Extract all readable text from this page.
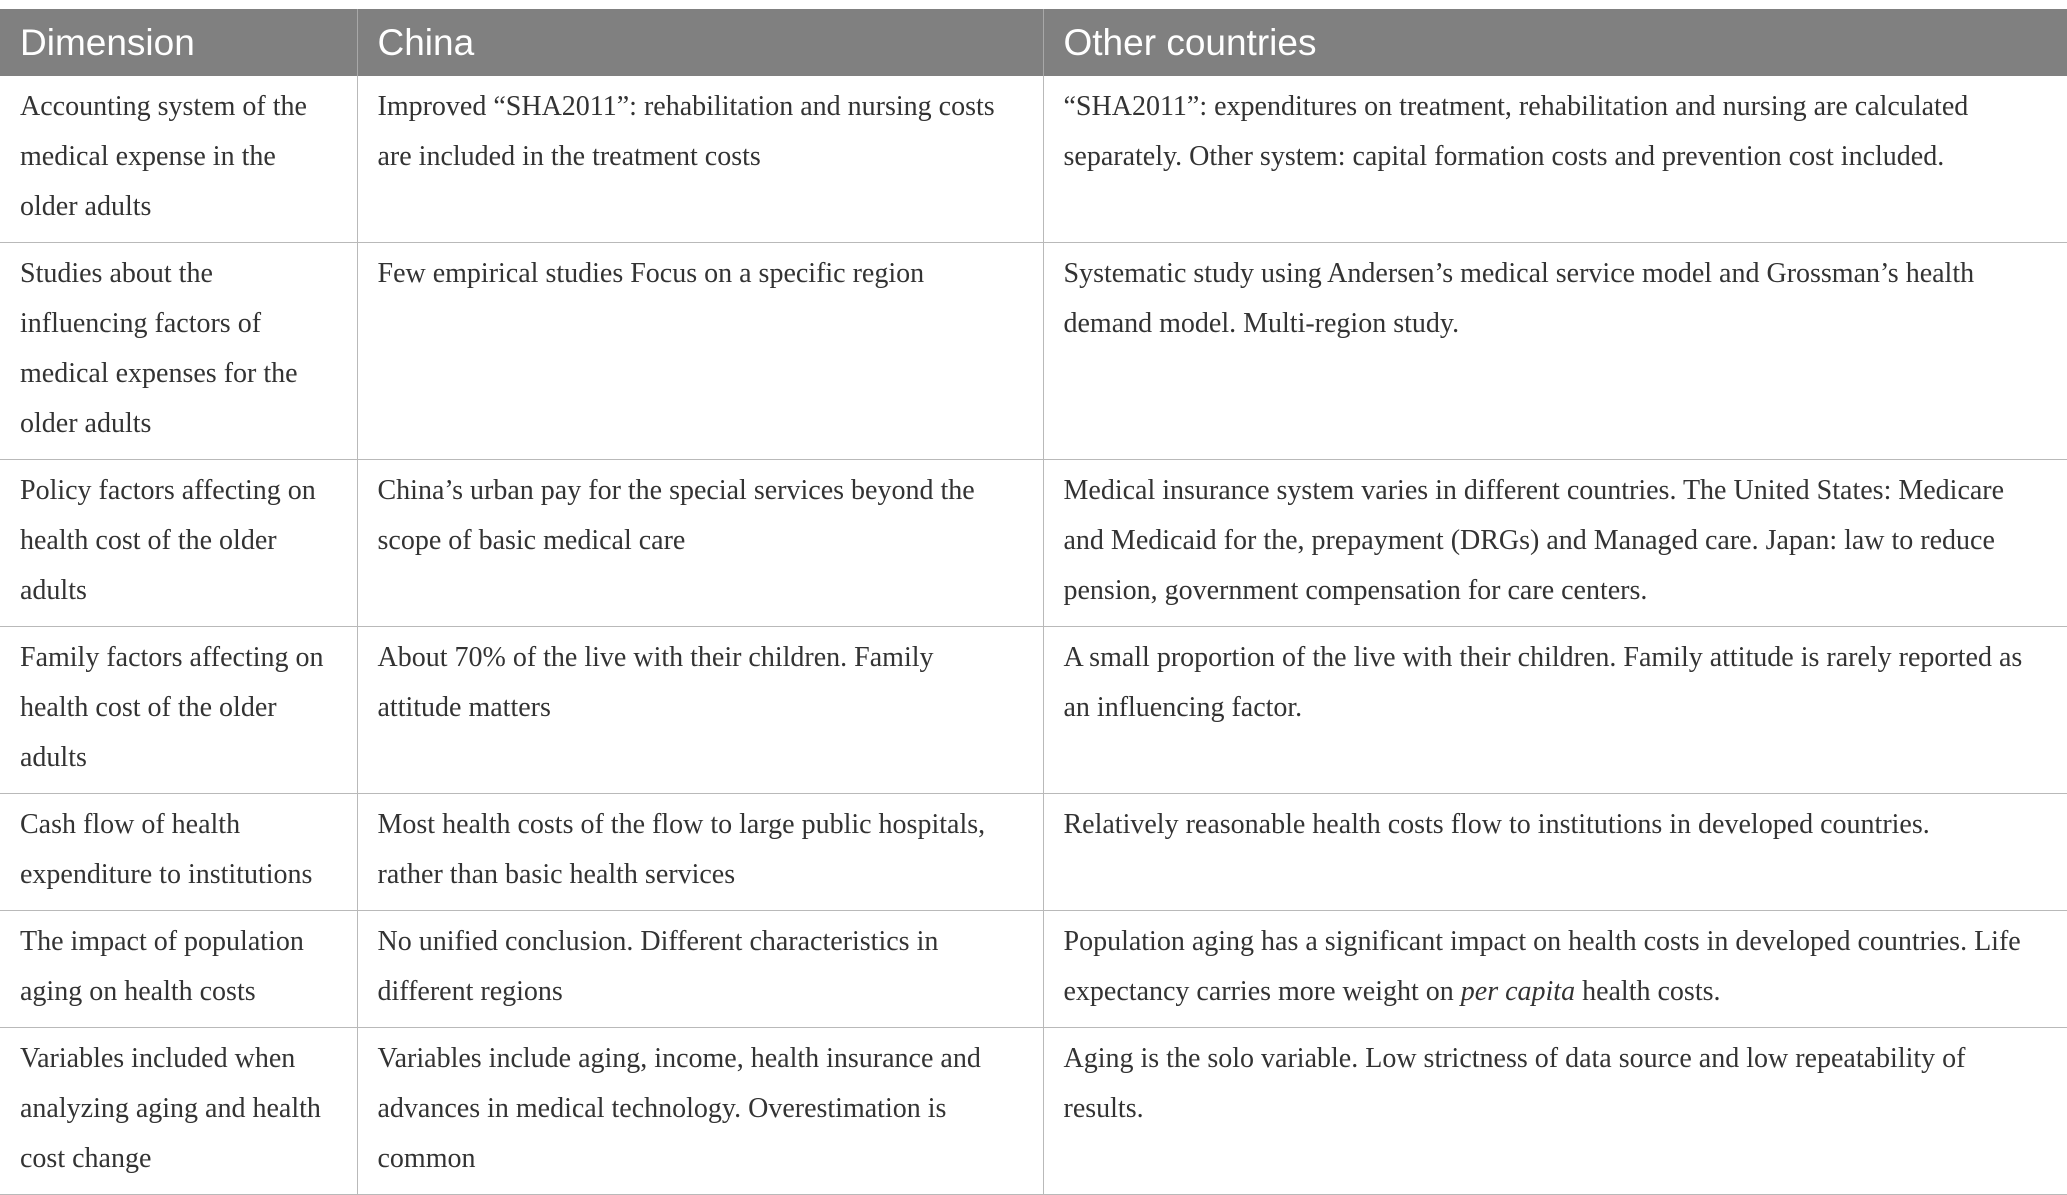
Dimension	China	Other countries
Accounting system of the medical expense in the older adults	Improved “SHA2011”: rehabilitation and nursing costs are included in the treatment costs	“SHA2011”: expenditures on treatment, rehabilitation and nursing are calculated separately. Other system: capital formation costs and prevention cost included.
Studies about the influencing factors of medical expenses for the older adults	Few empirical studies Focus on a specific region	Systematic study using Andersen’s medical service model and Grossman’s health demand model. Multi-region study.
Policy factors affecting on health cost of the older adults	China’s urban pay for the special services beyond the scope of basic medical care	Medical insurance system varies in different countries. The United States: Medicare and Medicaid for the, prepayment (DRGs) and Managed care. Japan: law to reduce pension, government compensation for care centers.
Family factors affecting on health cost of the older adults	About 70% of the live with their children. Family attitude matters	A small proportion of the live with their children. Family attitude is rarely reported as an influencing factor.
Cash flow of health expenditure to institutions	Most health costs of the flow to large public hospitals, rather than basic health services	Relatively reasonable health costs flow to institutions in developed countries.
The impact of population aging on health costs	No unified conclusion. Different characteristics in different regions	Population aging has a significant impact on health costs in developed countries. Life expectancy carries more weight on per capita health costs.
Variables included when analyzing aging and health cost change	Variables include aging, income, health insurance and advances in medical technology. Overestimation is common	Aging is the solo variable. Low strictness of data source and low repeatability of results.
